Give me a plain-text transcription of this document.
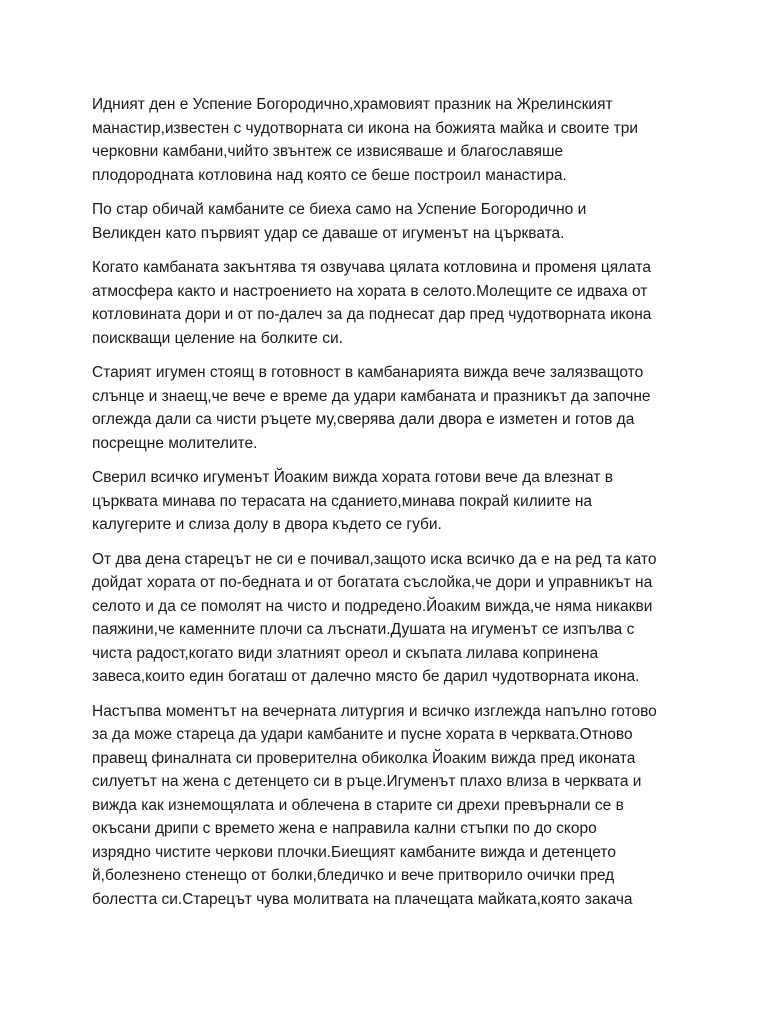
Идният ден е Успение Богородично,храмовият празник на Жрелинският
манастир,известен с чудотворната си икона на божията майка и своите три
черковни камбани,чийто звънтеж се извисяваше и благославяше
плодородната котловина над която се беше построил манастира.

По стар обичай камбаните се биеха само на Успение Богородично и
Великден като първият удар се даваше от игуменът на църквата.

Когато камбаната закънтява тя озвучава цялата котловина и променя цялата
атмосфера както и настроението на хората в селото.Молещите се идваха от
котловината дори и от по-далеч за да поднесат дар пред чудотворната икона
поискващи целение на болките си.

Старият игумен стоящ в готовност в камбанарията вижда вече залязващото
слънце и знаещ,че вече е време да удари камбаната и празникът да започне
оглежда дали са чисти ръцете му,сверява дали двора е изметен и готов да
посрещне молителите.

Сверил всичко игуменът Йоаким вижда хората готови вече да влезнат в
църквата минава по терасата на сданието,минава покрай килиите на
калугерите и слиза долу в двора където се губи.

От два дена старецът не си е почивал,защото иска всичко да е на ред та като
дойдат хората от по-бедната и от богатата съслойка,че дори и управникът на
селото и да се помолят на чисто и подредено.Йоаким вижда,че няма никакви
паяжини,че каменните плочи са лъснати.Душата на игуменът се изпълва с
чиста радост,когато види златният ореол и скъпата лилава копринена
завеса,които един богаташ от далечно място бе дарил чудотворната икона.

Настъпва моментът на вечерната литургия и всичко изглежда напълно готово
за да може стареца да удари камбаните и пусне хората в черквата.Отново
правещ финалната си проверителна обиколка Йоаким вижда пред иконата
силуетът на жена с детенцето си в ръце.Игуменът плахо влиза в черквата и
вижда как изнемощялата и облечена в старите си дрехи превърнали се в
окъсани дрипи с времето жена е направила кални стъпки по до скоро
изрядно чистите черкови плочки.Биещият камбаните вижда и детенцето
й,болезнено стенещо от болки,бледичко и вече притворило очички пред
болестта си.Старецът чува молитвата на плачещата майката,която закача
